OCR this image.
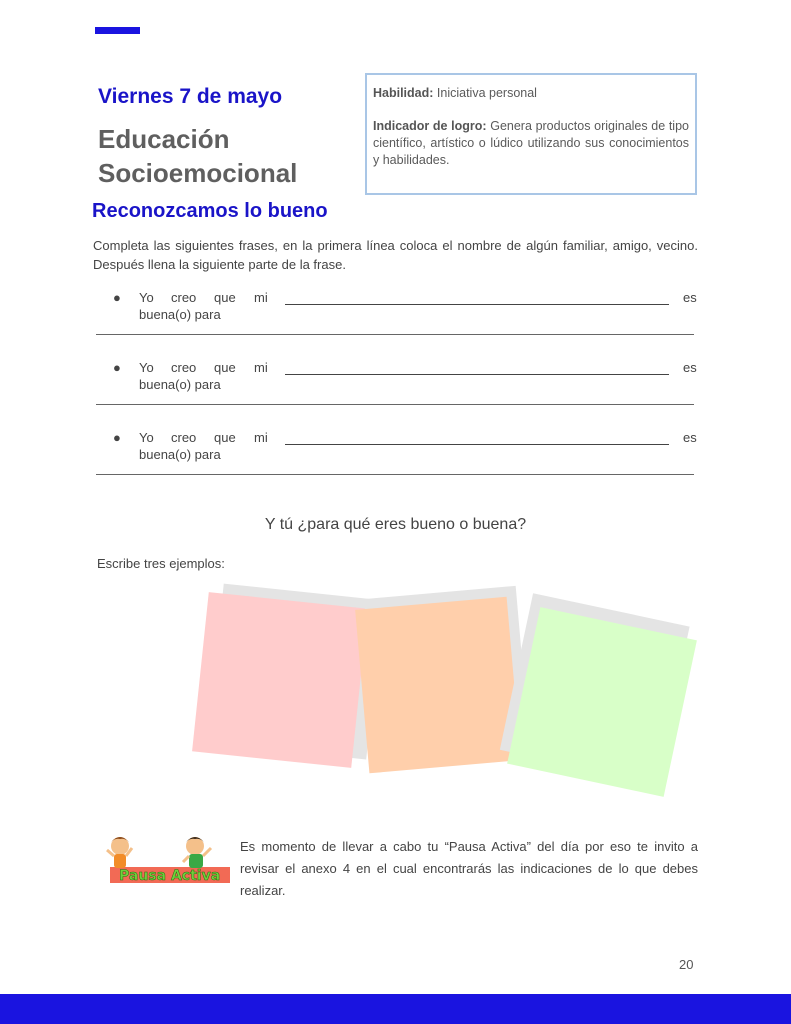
Viernes 7 de mayo
Educación
Socioemocional

Habilidad: Iniciativa personal

Indicador de logro: Genera productos originales de tipo científico, artístico o lúdico utilizando sus conocimientos y habilidades.

Reconozcamos lo bueno
Completa las siguientes frases, en la primera línea coloca el nombre de algún familiar, amigo, vecino. Después llena la siguiente parte de la frase.
● Yo creo que mi	es
buena(o) para
● Yo creo que mi	es
buena(o) para
● Yo creo que mi	es
buena(o) para
Y tú ¿para qué eres bueno o buena?
Escribe tres ejemplos:
Pausa Activa
Es momento de llevar a cabo tu “Pausa Activa” del día por eso te invito a revisar el anexo 4 en el cual encontrarás las indicaciones de lo que debes realizar.
20
